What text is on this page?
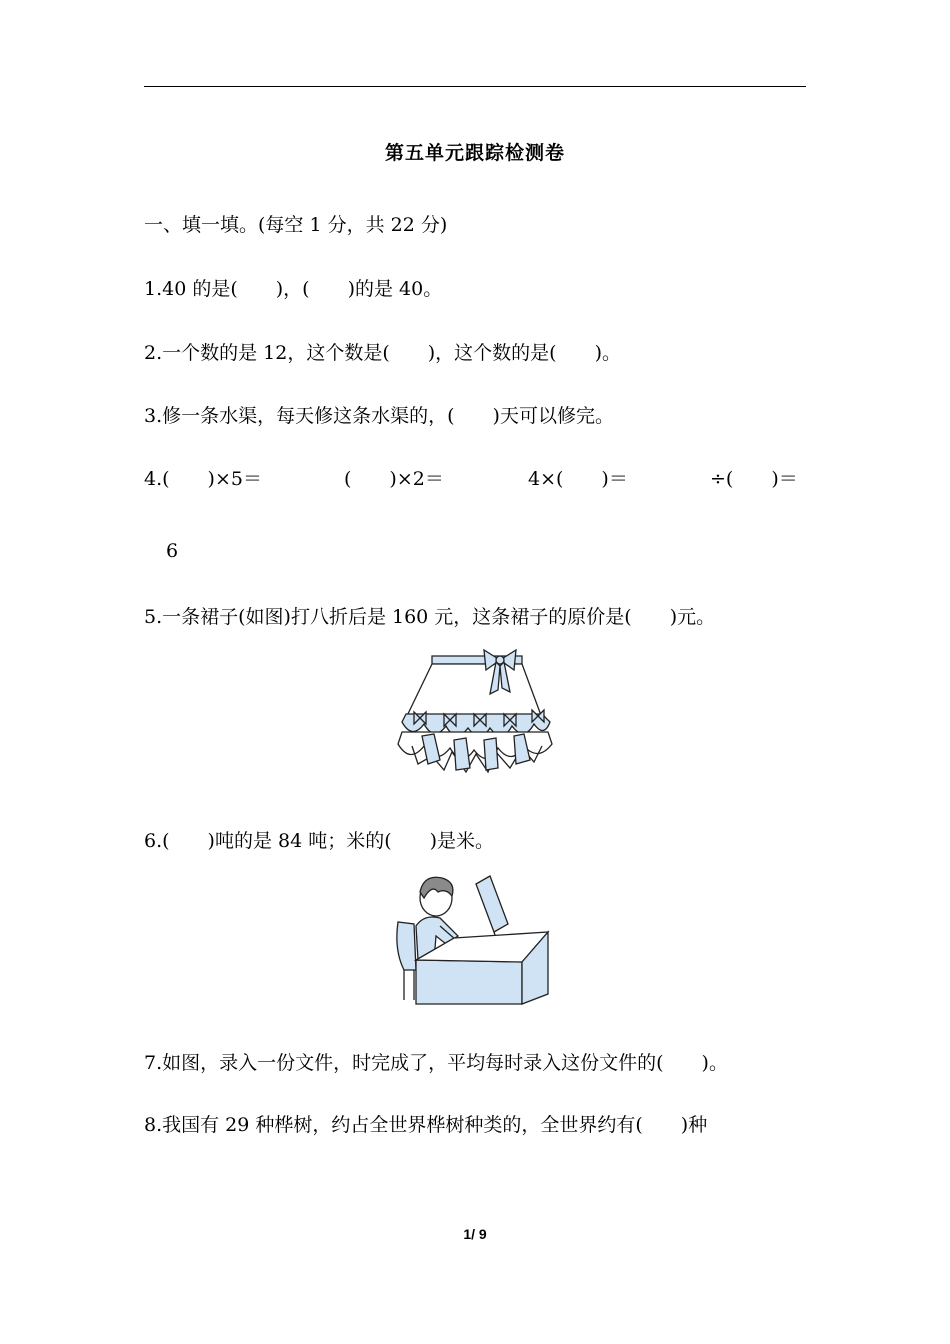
第五单元跟踪检测卷
一、填一填。(每空 1 分，共 22 分)
1.40 的是(　　)，(　　)的是 40。
2.一个数的是 12，这个数是(　　)，这个数的是(　　)。
3.修一条水渠，每天修这条水渠的，(　　)天可以修完。
4.(　　)×5＝	(　　)×2＝	4×(　　)＝	÷(　　)＝
6
5.一条裙子(如图)打八折后是 160 元，这条裙子的原价是(　　)元。
6.(　　)吨的是 84 吨；米的(　　)是米。
7.如图，录入一份文件，时完成了，平均每时录入这份文件的(　　)。
8.我国有 29 种桦树，约占全世界桦树种类的，全世界约有(　　)种
1/ 9
